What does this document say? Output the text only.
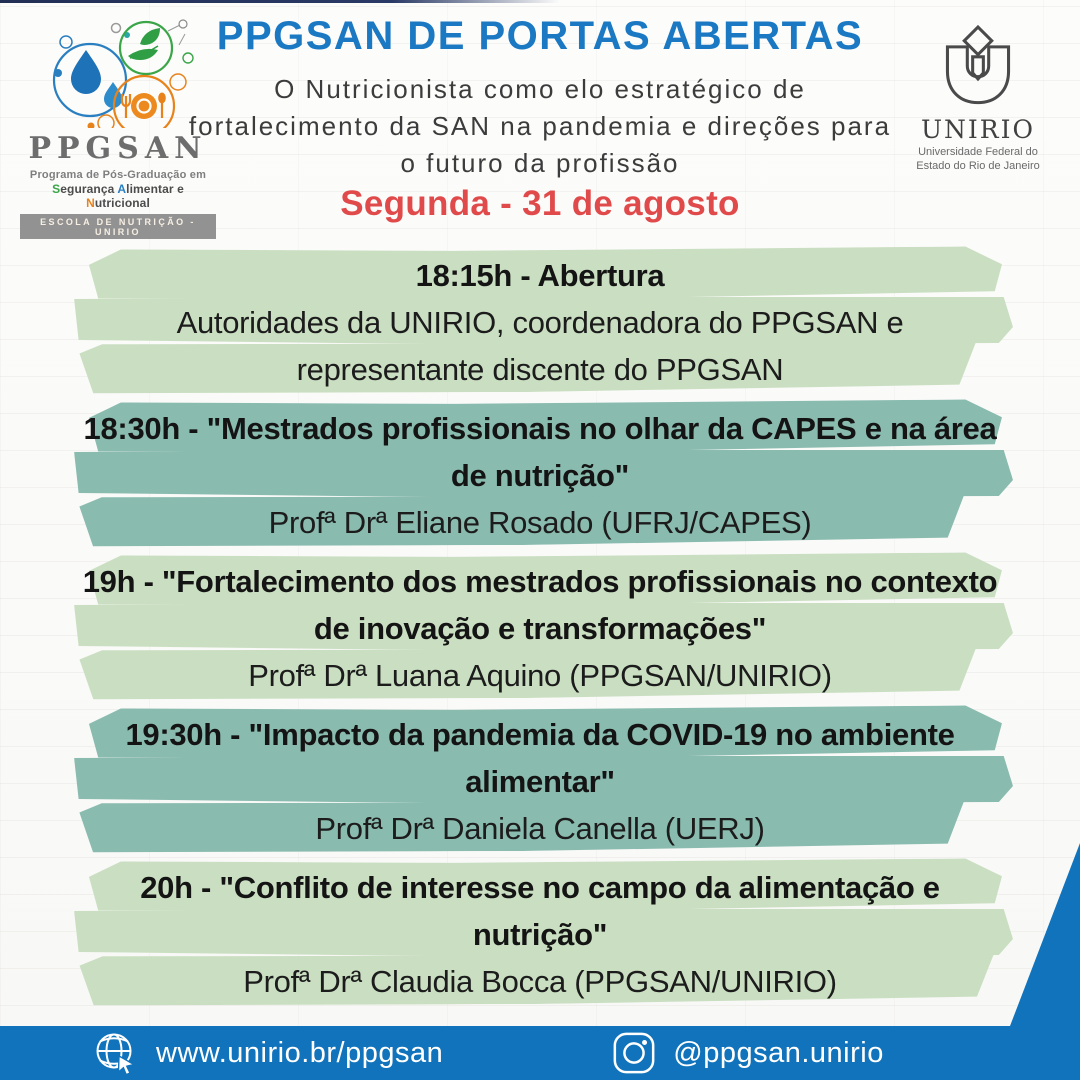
PPGSAN
Programa de Pós-Graduação em
Segurança Alimentar e Nutricional
ESCOLA DE NUTRIÇÃO - UNIRIO
PPGSAN DE PORTAS ABERTAS
O Nutricionista como elo estratégico de fortalecimento da SAN na pandemia e direções para o futuro da profissão
UNIRIO
Universidade Federal do
Estado do Rio de Janeiro
Segunda - 31 de agosto
18:15h - Abertura
Autoridades da UNIRIO, coordenadora do PPGSAN e representante discente do PPGSAN
18:30h - "Mestrados profissionais no olhar da CAPES e na área de nutrição"
Profª Drª Eliane Rosado (UFRJ/CAPES)
19h - "Fortalecimento dos mestrados profissionais no contexto de inovação e transformações"
Profª Drª Luana Aquino (PPGSAN/UNIRIO)
19:30h - "Impacto da pandemia da COVID-19 no ambiente alimentar"
Profª Drª Daniela Canella (UERJ)
20h - "Conflito de interesse no campo da alimentação e nutrição"
Profª Drª Claudia Bocca (PPGSAN/UNIRIO)
www.unirio.br/ppgsan	@ppgsan.unirio
